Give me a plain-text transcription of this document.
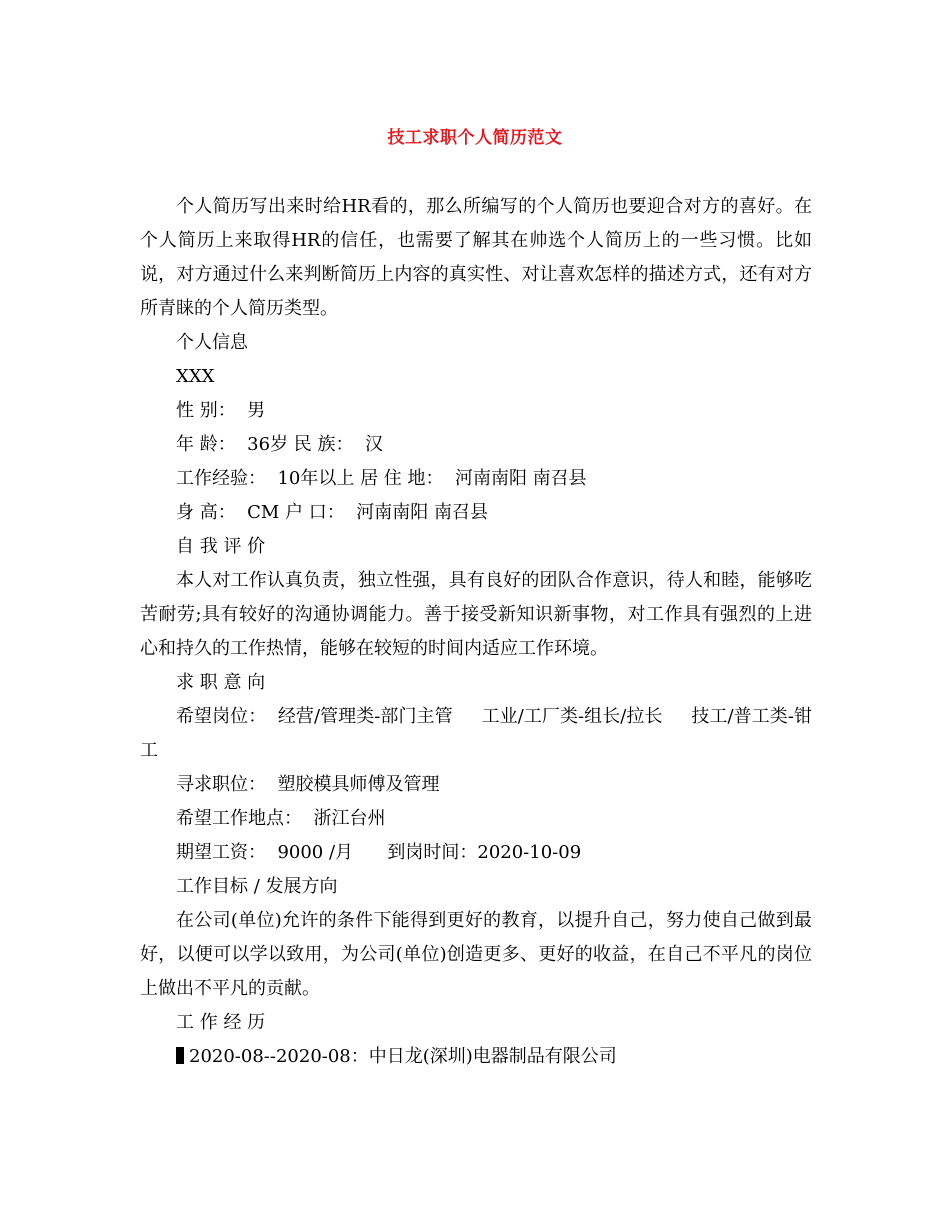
技工求职个人简历范文

个人简历写出来时给HR看的，那么所编写的个人简历也要迎合对方的喜好。在个人简历上来取得HR的信任，也需要了解其在帅选个人简历上的一些习惯。比如说，对方通过什么来判断简历上内容的真实性、对让喜欢怎样的描述方式，还有对方所青睐的个人简历类型。

个人信息

XXX

性 别：  男

年 龄：  36岁 民 族：  汉

工作经验：  10年以上 居 住 地：  河南南阳 南召县

身 高：  CM 户 口：  河南南阳 南召县

自 我 评 价

本人对工作认真负责，独立性强，具有良好的团队合作意识，待人和睦，能够吃苦耐劳;具有较好的沟通协调能力。善于接受新知识新事物，对工作具有强烈的上进心和持久的工作热情，能够在较短的时间内适应工作环境。

求 职 意 向

希望岗位：  经营/管理类-部门主管     工业/工厂类-组长/拉长     技工/普工类-钳工

寻求职位：  塑胶模具师傅及管理

希望工作地点：  浙江台州

期望工资：  9000 /月      到岗时间：2020-10-09

工作目标 / 发展方向

在公司(单位)允许的条件下能得到更好的教育，以提升自己，努力使自己做到最好，以便可以学以致用，为公司(单位)创造更多、更好的收益，在自己不平凡的岗位上做出不平凡的贡献。

工 作 经 历

2020-08--2020-08：中日龙(深圳)电器制品有限公司
